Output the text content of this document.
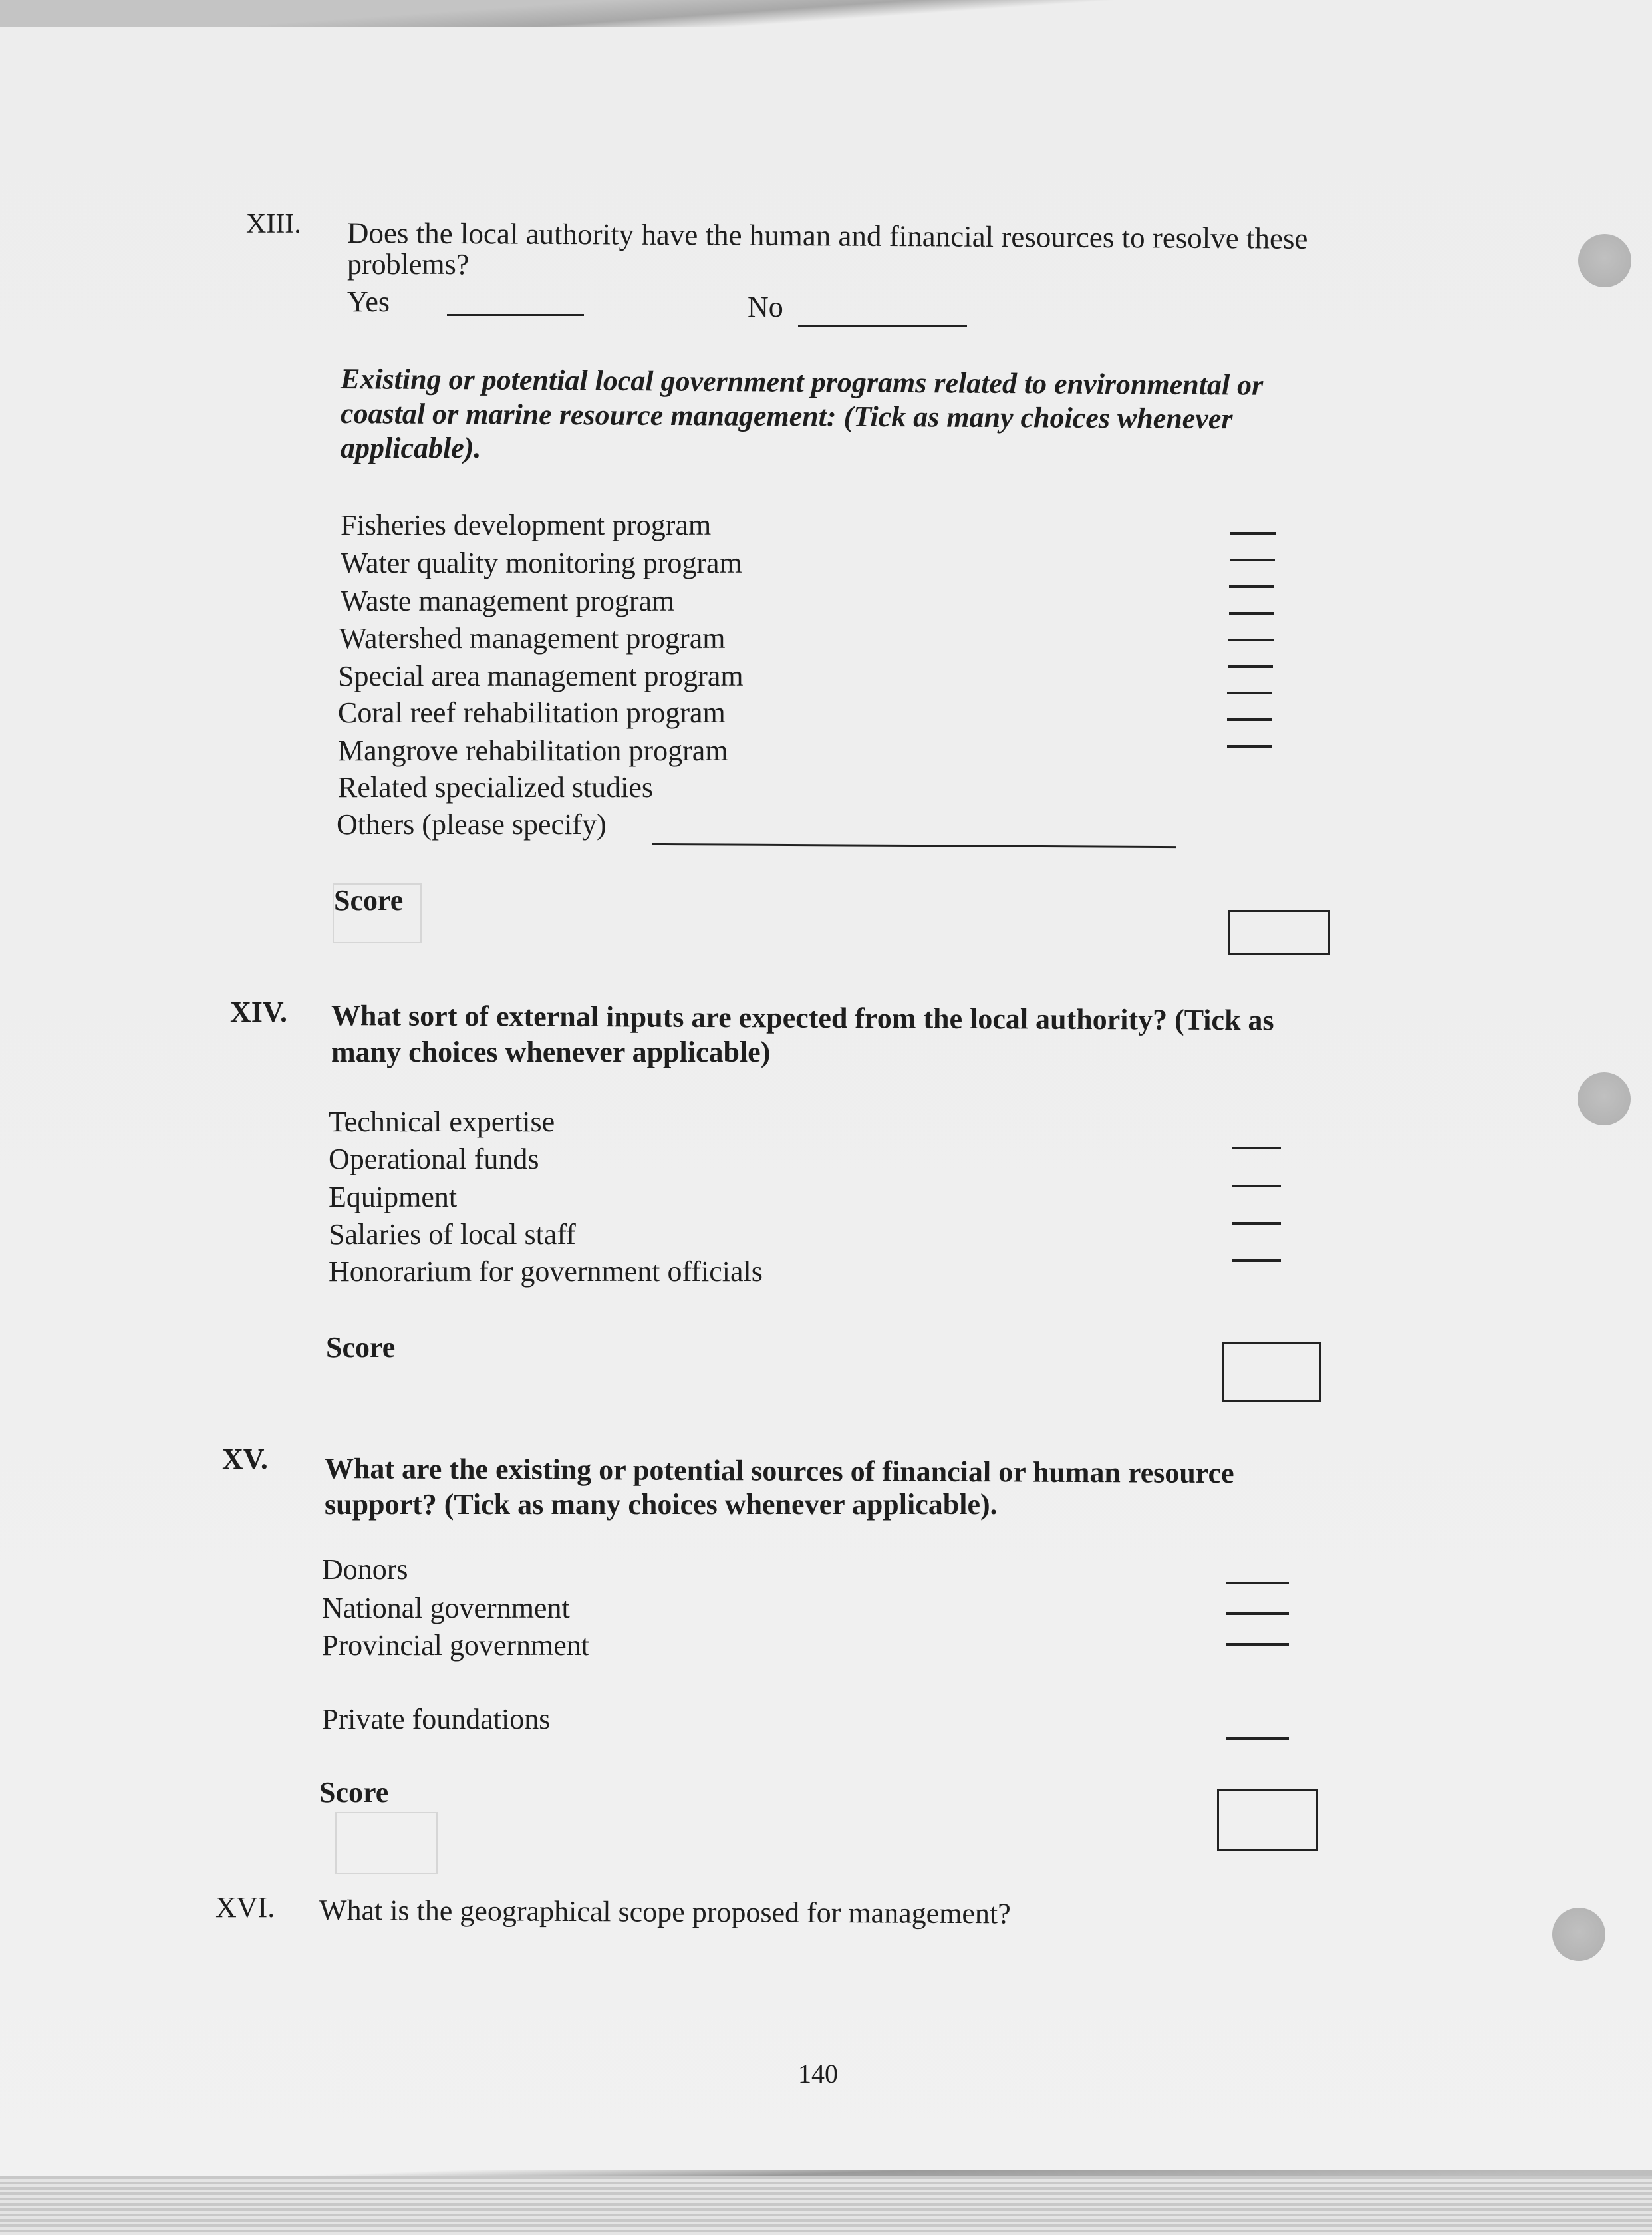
XIII. Does the local authority have the human and financial resources to resolve these
problems?
Yes	No
Existing or potential local government programs related to environmental or
coastal or marine resource management: (Tick as many choices whenever
applicable).
Fisheries development program
Water quality monitoring program
Waste management program
Watershed management program
Special area management program
Coral reef rehabilitation program
Mangrove rehabilitation program
Related specialized studies
Others (please specify)
Score
XIV. What sort of external inputs are expected from the local authority? (Tick as
many choices whenever applicable)
Technical expertise
Operational funds
Equipment
Salaries of local staff
Honorarium for government officials
Score
XV. What are the existing or potential sources of financial or human resource
support? (Tick as many choices whenever applicable).
Donors
National government
Provincial government
Private foundations
Score
XVI. What is the geographical scope proposed for management?
140
